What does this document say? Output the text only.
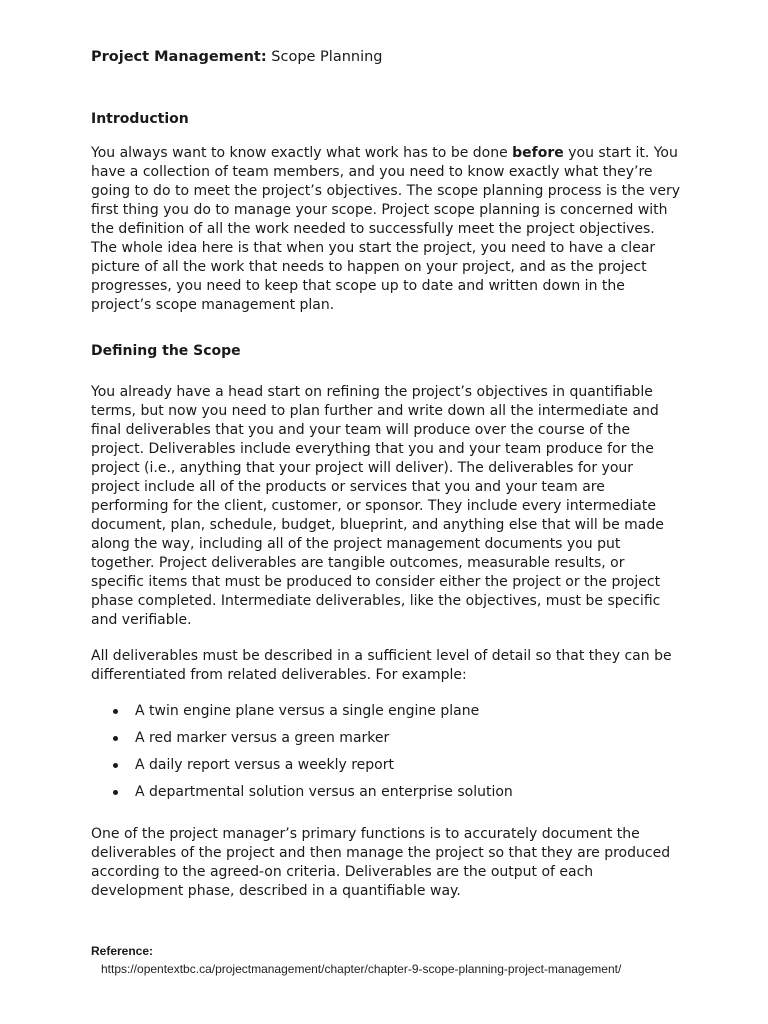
Project Management: Scope Planning
Introduction
You always want to know exactly what work has to be done before you start it. You have a collection of team members, and you need to know exactly what they’re going to do to meet the project’s objectives. The scope planning process is the very first thing you do to manage your scope. Project scope planning is concerned with the definition of all the work needed to successfully meet the project objectives. The whole idea here is that when you start the project, you need to have a clear picture of all the work that needs to happen on your project, and as the project progresses, you need to keep that scope up to date and written down in the project’s scope management plan.
Defining the Scope
You already have a head start on refining the project’s objectives in quantifiable terms, but now you need to plan further and write down all the intermediate and final deliverables that you and your team will produce over the course of the project. Deliverables include everything that you and your team produce for the project (i.e., anything that your project will deliver). The deliverables for your project include all of the products or services that you and your team are performing for the client, customer, or sponsor. They include every intermediate document, plan, schedule, budget, blueprint, and anything else that will be made along the way, including all of the project management documents you put together. Project deliverables are tangible outcomes, measurable results, or specific items that must be produced to consider either the project or the project phase completed. Intermediate deliverables, like the objectives, must be specific and verifiable.
All deliverables must be described in a sufficient level of detail so that they can be differentiated from related deliverables. For example:
A twin engine plane versus a single engine plane
A red marker versus a green marker
A daily report versus a weekly report
A departmental solution versus an enterprise solution
One of the project manager’s primary functions is to accurately document the deliverables of the project and then manage the project so that they are produced according to the agreed-on criteria. Deliverables are the output of each development phase, described in a quantifiable way.
Reference:
https://opentextbc.ca/projectmanagement/chapter/chapter-9-scope-planning-project-management/
